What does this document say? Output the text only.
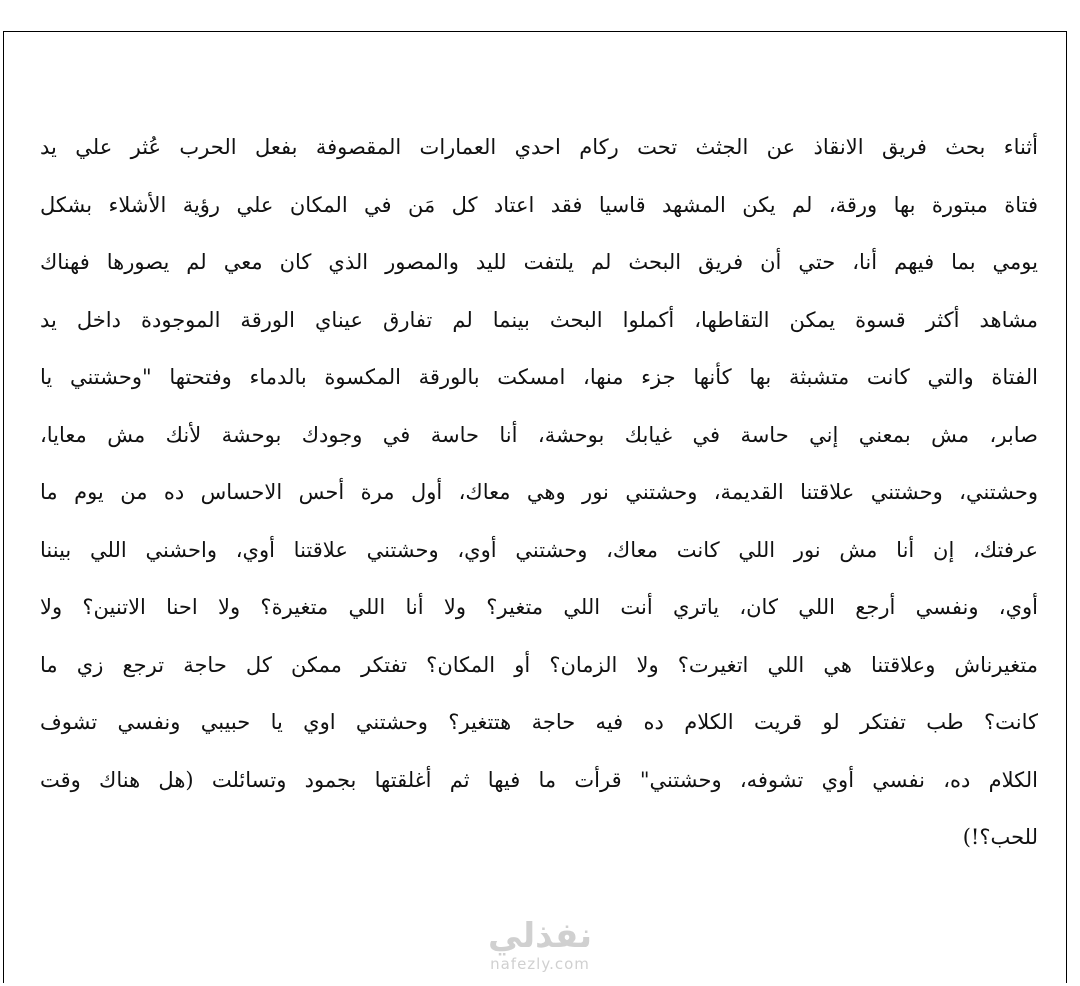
أثناء بحث فريق الانقاذ عن الجثث تحت ركام احدي العمارات المقصوفة بفعل الحرب عُثر علي يد
فتاة مبتورة بها ورقة، لم يكن المشهد قاسيا فقد اعتاد كل مَن في المكان علي رؤية الأشلاء بشكل
يومي بما فيهم أنا، حتي أن فريق البحث لم يلتفت لليد والمصور الذي كان معي لم يصورها فهناك
مشاهد أكثر قسوة يمكن التقاطها، أكملوا البحث بينما لم تفارق عيناي الورقة الموجودة داخل يد
الفتاة والتي كانت متشبثة بها كأنها جزء منها، امسكت بالورقة المكسوة بالدماء وفتحتها "وحشتني يا
صابر، مش بمعني إني حاسة في غيابك بوحشة، أنا حاسة في وجودك بوحشة لأنك مش معايا،
وحشتني، وحشتني علاقتنا القديمة، وحشتني نور وهي معاك، أول مرة أحس الاحساس ده من يوم ما
عرفتك، إن أنا مش نور اللي كانت معاك، وحشتني أوي، وحشتني علاقتنا أوي، واحشني اللي بيننا
أوي، ونفسي أرجع اللي كان، ياتري أنت اللي متغير؟ ولا أنا اللي متغيرة؟ ولا احنا الاتنين؟ ولا
متغيرناش وعلاقتنا هي اللي اتغيرت؟ ولا الزمان؟ أو المكان؟ تفتكر ممكن كل حاجة ترجع زي ما
كانت؟ طب تفتكر لو قريت الكلام ده فيه حاجة هتتغير؟ وحشتني اوي يا حبيبي ونفسي تشوف
الكلام ده، نفسي أوي تشوفه، وحشتني" قرأت ما فيها ثم أغلقتها بجمود وتسائلت (هل هناك وقت
للحب؟!)
نفذلي
nafezly.com
